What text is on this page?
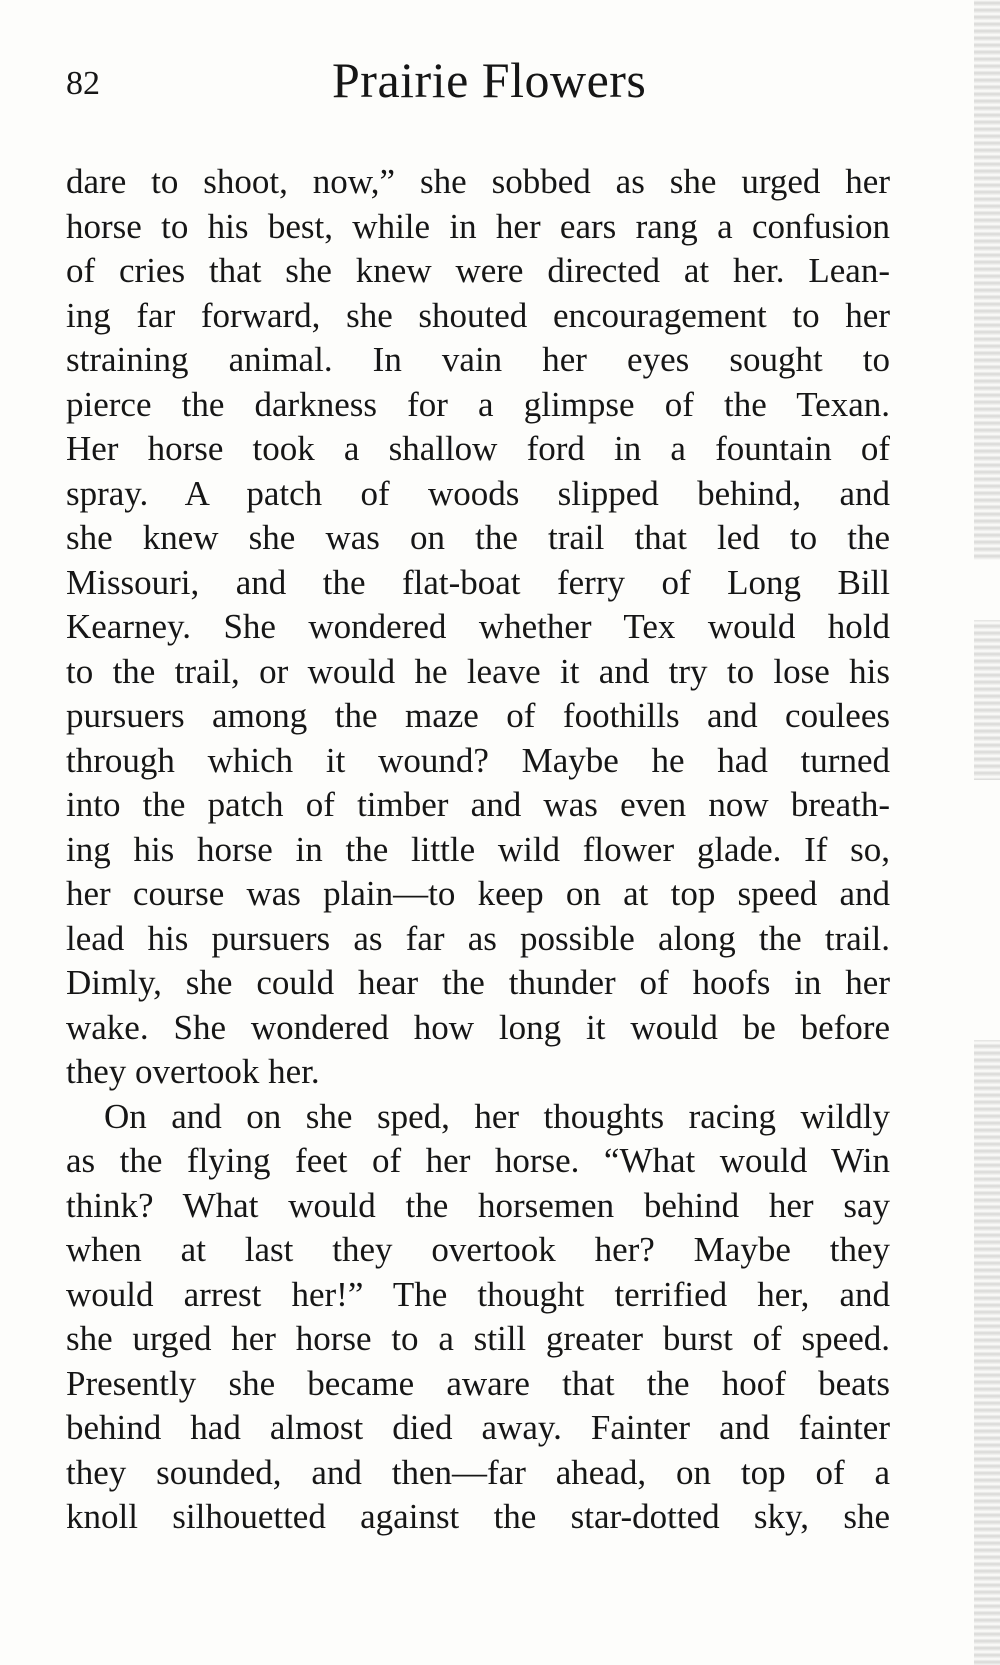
82	Prairie Flowers
dare to shoot, now,” she sobbed as she urged her
horse to his best, while in her ears rang a confusion
of cries that she knew were directed at her. Lean-
ing far forward, she shouted encouragement to her
straining animal. In vain her eyes sought to
pierce the darkness for a glimpse of the Texan.
Her horse took a shallow ford in a fountain of
spray. A patch of woods slipped behind, and
she knew she was on the trail that led to the
Missouri, and the flat-boat ferry of Long Bill
Kearney. She wondered whether Tex would hold
to the trail, or would he leave it and try to lose his
pursuers among the maze of foothills and coulees
through which it wound? Maybe he had turned
into the patch of timber and was even now breath-
ing his horse in the little wild flower glade. If so,
her course was plain—to keep on at top speed and
lead his pursuers as far as possible along the trail.
Dimly, she could hear the thunder of hoofs in her
wake. She wondered how long it would be before
they overtook her.
On and on she sped, her thoughts racing wildly
as the flying feet of her horse. “What would Win
think? What would the horsemen behind her say
when at last they overtook her? Maybe they
would arrest her!” The thought terrified her, and
she urged her horse to a still greater burst of speed.
Presently she became aware that the hoof beats
behind had almost died away. Fainter and fainter
they sounded, and then—far ahead, on top of a
knoll silhouetted against the star-dotted sky, she
